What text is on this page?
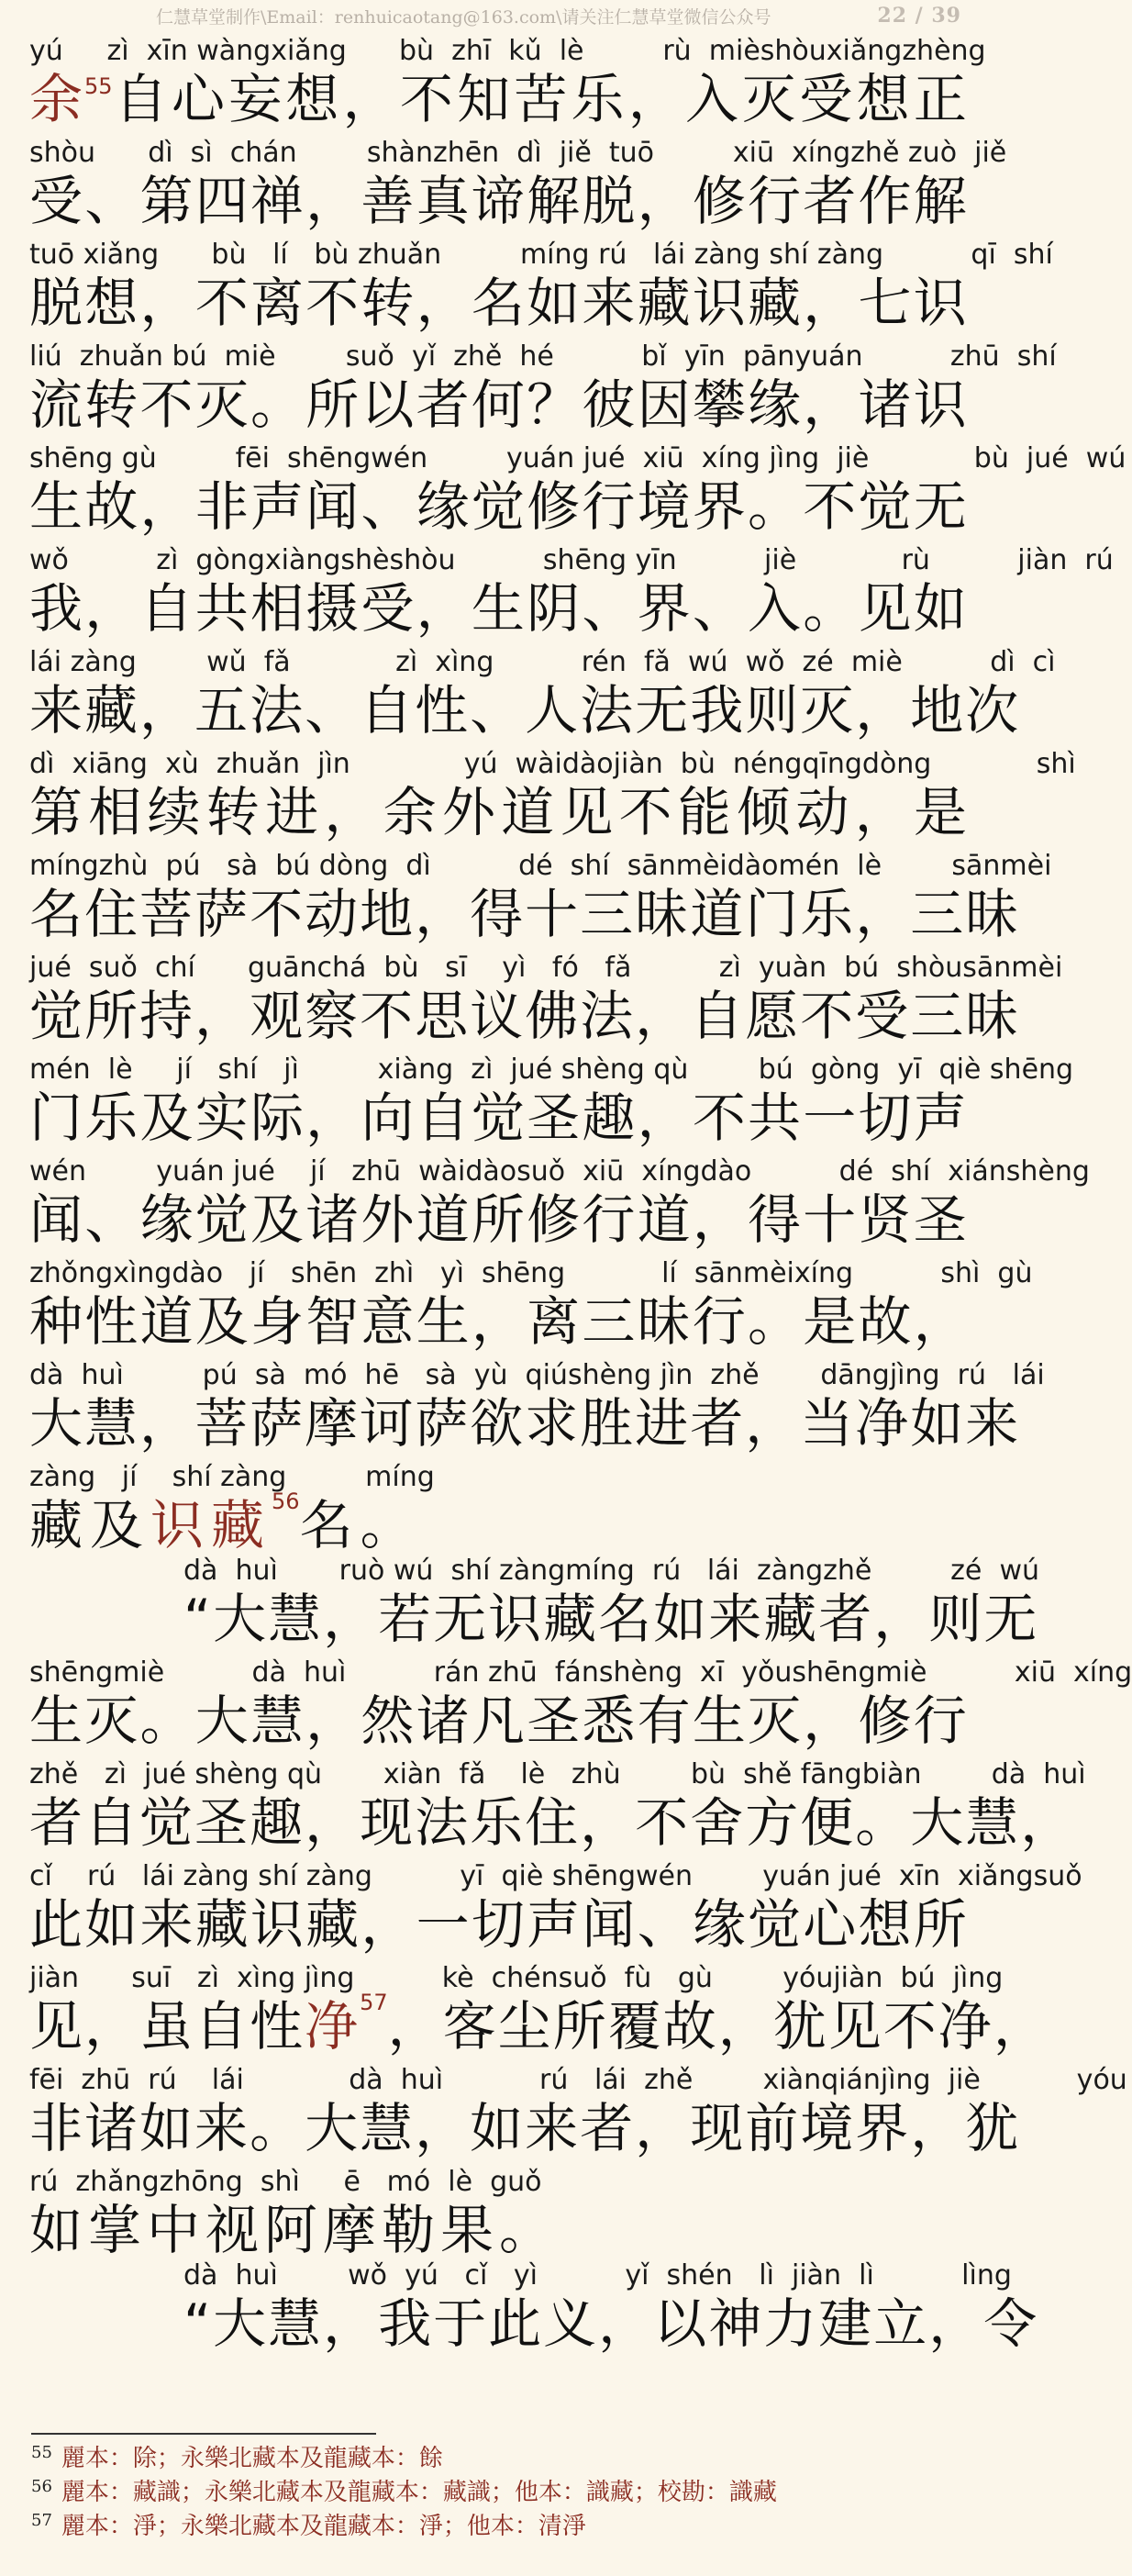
仁慧草堂制作\Email：renhuicaotang@163.com\请关注仁慧草堂微信公众号	22 / 39
yú     zì  xīn wàngxiǎng      bù  zhī  kǔ  lè         rù  mièshòuxiǎngzhèng
余$^{55}$ 自 心 妄 想 ， 不 知 苦 乐 ， 入 灭 受 想 正
shòu      dì  sì  chán        shànzhēn  dì  jiě  tuō         xiū  xíngzhě zuò  jiě
受 、 第 四 禅 ， 善 真 谛 解 脱 ， 修 行 者 作 解
tuō xiǎng      bù   lí   bù zhuǎn         míng rú   lái zàng shí zàng          qī  shí
脱 想 ， 不 离 不 转 ， 名 如 来 藏 识 藏 ， 七 识
liú  zhuǎn bú  miè        suǒ  yǐ  zhě  hé          bǐ  yīn  pānyuán          zhū  shí
流 转 不 灭 。 所 以 者 何 ？ 彼 因 攀 缘 ， 诸 识
shēng gù         fēi  shēngwén         yuán jué  xiū  xíng jìng  jiè            bù  jué  wú
生 故 ， 非 声 闻 、 缘 觉 修 行 境 界 。 不 觉 无
wǒ          zì  gòngxiàngshèshòu          shēng yīn          jiè            rù          jiàn  rú
我 ， 自 共 相 摄 受 ， 生 阴 、 界 、 入 。 见 如
lái zàng        wǔ  fǎ            zì  xìng          rén  fǎ  wú  wǒ  zé  miè          dì  cì
来 藏 ， 五 法 、 自 性 、 人 法 无 我 则 灭 ， 地 次
dì  xiāng  xù  zhuǎn  jìn             yú  wàidàojiàn  bù  néngqīngdòng            shì
第 相 续 转 进 ， 余 外 道 见 不 能 倾 动 ， 是
míngzhù  pú   sà  bú dòng  dì          dé  shí  sānmèidàomén  lè        sānmèi
名 住 菩 萨 不 动 地 ， 得 十 三 昧 道 门 乐 ， 三 昧
jué  suǒ  chí      guānchá  bù   sī    yì   fó   fǎ          zì  yuàn  bú  shòusānmèi
觉 所 持 ， 观 察 不 思 议 佛 法 ， 自 愿 不 受 三 昧
mén  lè     jí   shí   jì         xiàng  zì  jué shèng qù        bú  gòng  yī  qiè shēng
门 乐 及 实 际 ， 向 自 觉 圣 趣 ， 不 共 一 切 声
wén        yuán jué    jí   zhū  wàidàosuǒ  xiū  xíngdào          dé  shí  xiánshèng
闻 、 缘 觉 及 诸 外 道 所 修 行 道 ， 得 十 贤 圣
zhǒngxìngdào   jí   shēn  zhì   yì  shēng           lí  sānmèixíng          shì  gù
种 性 道 及 身 智 意 生 ， 离 三 昧 行 。 是 故 ，
dà  huì         pú  sà  mó  hē   sà  yù  qiúshèng jìn  zhě       dāngjìng  rú   lái
大 慧 ， 菩 萨 摩 诃 萨 欲 求 胜 进 者 ， 当 净 如 来
zàng   jí    shí zàng         míng
藏及 识藏 56 名。
dà  huì       ruò wú  shí zàngmíng  rú   lái  zàngzhě         zé  wú
“ 大 慧 ， 若 无 识 藏 名 如 来 藏 者 ， 则 无
shēngmiè          dà  huì          rán zhū  fánshèng  xī  yǒushēngmiè          xiū  xíng
生 灭 。 大 慧 ， 然 诸 凡 圣 悉 有 生 灭 ， 修 行
zhě   zì  jué shèng qù       xiàn  fǎ    lè   zhù        bù  shě fāngbiàn        dà  huì
者 自 觉 圣 趣 ， 现 法 乐 住 ， 不 舍 方 便 。 大 慧 ，
cǐ    rú   lái zàng shí zàng          yī  qiè shēngwén        yuán jué  xīn  xiǎngsuǒ
此 如 来 藏 识 藏 ， 一 切 声 闻 、 缘 觉 心 想 所
jiàn      suī   zì  xìng jìng          kè  chénsuǒ  fù   gù        yóujiàn  bú  jìng
见 ， 虽 自 性 净 57 ， 客 尘 所 覆 故 ， 犹 见 不 净 ，
fēi  zhū  rú    lái            dà  huì           rú   lái  zhě        xiànqiánjìng  jiè           yóu
非 诸 如 来 。 大 慧 ， 如 来 者 ， 现 前 境 界 ， 犹
rú  zhǎngzhōng  shì     ē   mó  lè  guǒ
如掌中视阿摩勒果。
dà  huì        wǒ  yú   cǐ   yì          yǐ  shén   lì  jiàn  lì          lìng
“ 大 慧 ， 我 于 此 义 ， 以 神 力 建 立 ， 令
$^{55}$ 麗本：除；永樂北藏本及龍藏本：餘
$^{56}$ 麗本：藏識；永樂北藏本及龍藏本：藏識；他本：識藏；校勘：識藏
$^{57}$ 麗本：淨；永樂北藏本及龍藏本：淨；他本：清淨
